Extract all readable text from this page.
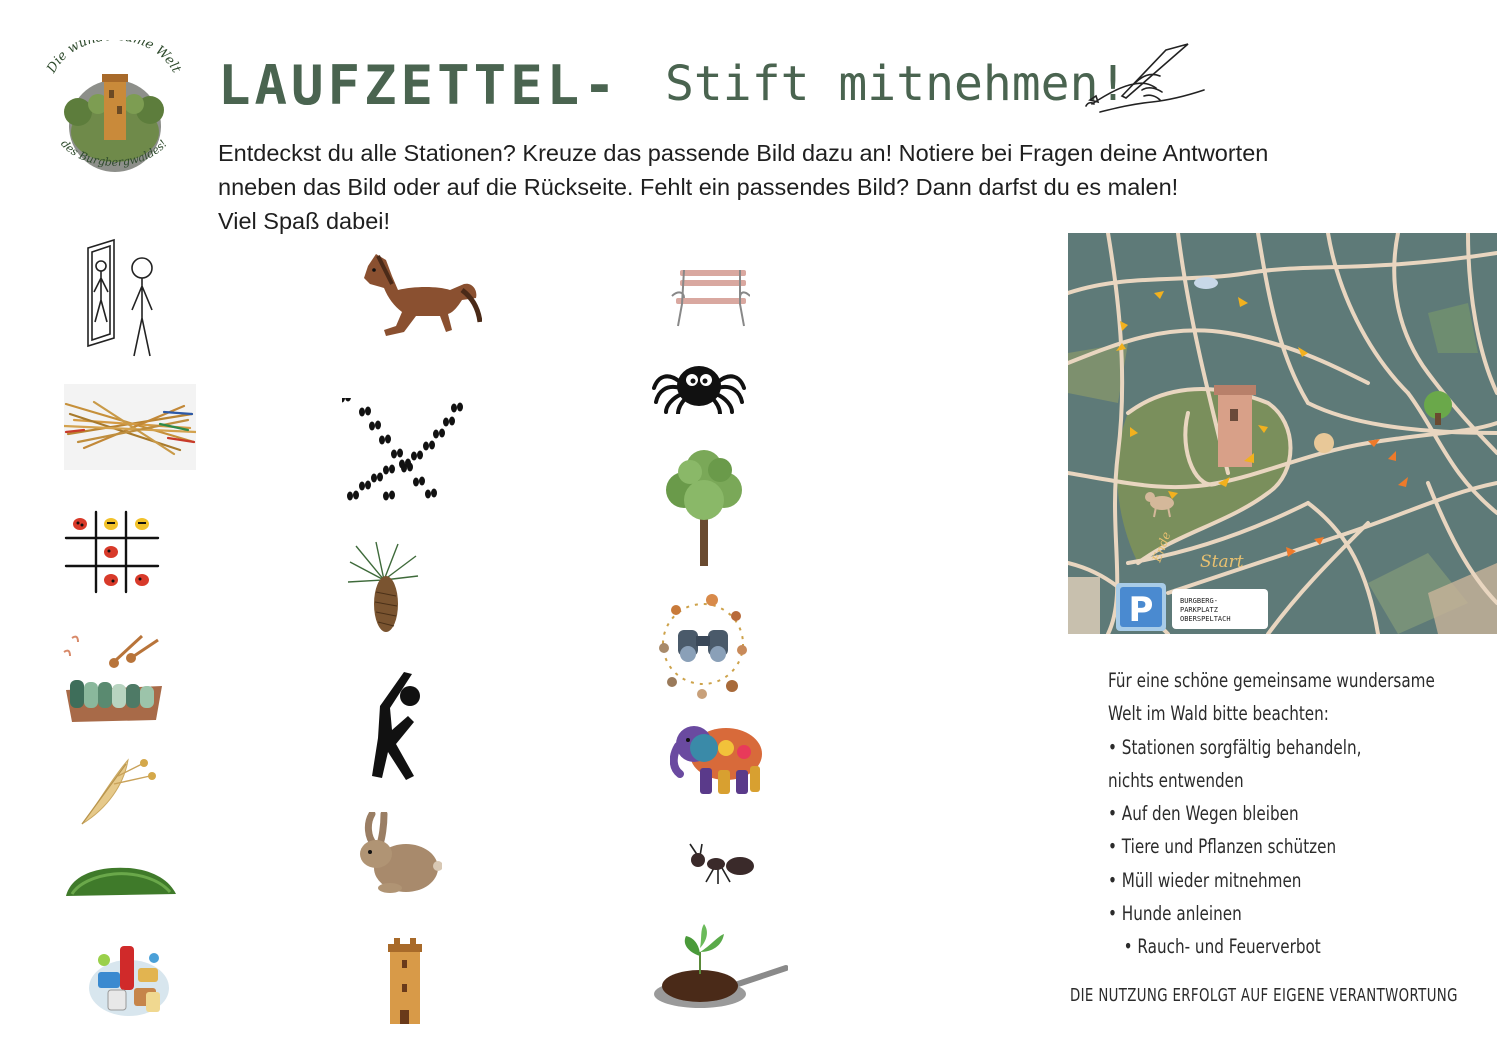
Die wu me Welt
des Burgbergwaldes!
LAUFZETTEL- Stift mitnehmen!
Entdeckst du alle Stationen? Kreuze das passende Bild dazu an! Notiere bei Fragen deine Antworten
nneben das Bild oder auf die Rückseite. Fehlt ein passendes Bild? Dann darfst du es malen!
Viel Spaß dabei!
Start
Ende
P	BURGBERG- PARKPLATZ OBERSPELTACH
Für eine schöne gemeinsame wundersame
Welt im Wald bitte beachten:
• Stationen sorgfältig behandeln,
nichts entwenden
• Auf den Wegen bleiben
• Tiere und Pflanzen schützen
• Müll wieder mitnehmen
• Hunde anleinen
• Rauch- und Feuerverbot
DIE NUTZUNG ERFOLGT AUF EIGENE VERANTWORTUNG
